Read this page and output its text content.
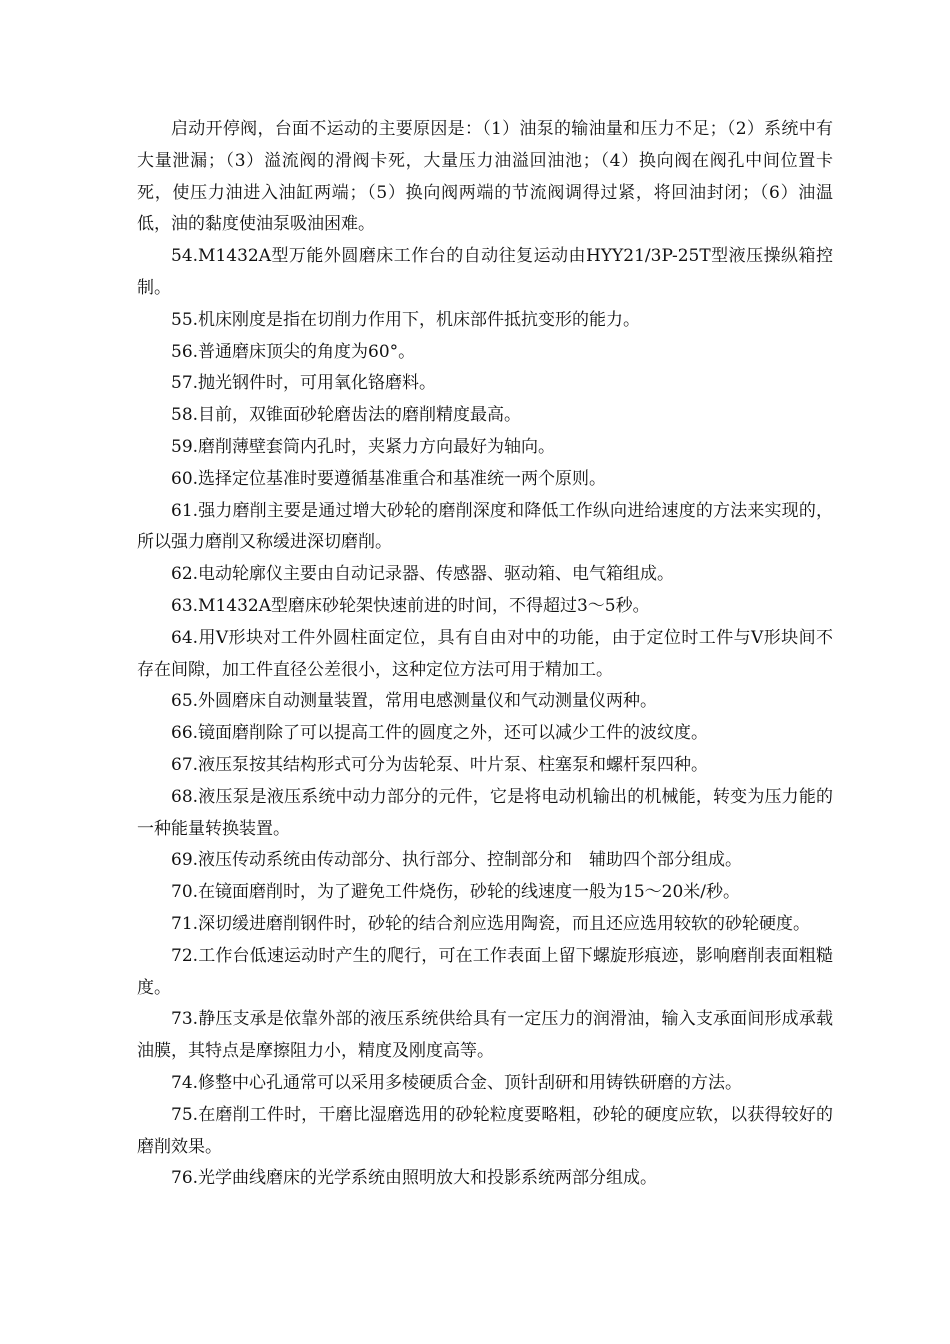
启动开停阀，台面不运动的主要原因是：（1）油泵的输油量和压力不足；（2）系统中有大量泄漏；（3）溢流阀的滑阀卡死，大量压力油溢回油池；（4）换向阀在阀孔中间位置卡死，使压力油进入油缸两端；（5）换向阀两端的节流阀调得过紧，将回油封闭；（6）油温低，油的黏度使油泵吸油困难。

54.M1432A型万能外圆磨床工作台的自动往复运动由HYY21/3P-25T型液压操纵箱控制。

55.机床刚度是指在切削力作用下，机床部件抵抗变形的能力。

56.普通磨床顶尖的角度为60°。

57.抛光钢件时，可用氧化铬磨料。

58.目前，双锥面砂轮磨齿法的磨削精度最高。

59.磨削薄壁套筒内孔时，夹紧力方向最好为轴向。

60.选择定位基准时要遵循基准重合和基准统一两个原则。

61.强力磨削主要是通过增大砂轮的磨削深度和降低工作纵向进给速度的方法来实现的，所以强力磨削又称缓进深切磨削。

62.电动轮廓仪主要由自动记录器、传感器、驱动箱、电气箱组成。

63.M1432A型磨床砂轮架快速前进的时间，不得超过3～5秒。

64.用V形块对工件外圆柱面定位，具有自由对中的功能，由于定位时工件与V形块间不存在间隙，加工件直径公差很小，这种定位方法可用于精加工。

65.外圆磨床自动测量装置，常用电感测量仪和气动测量仪两种。

66.镜面磨削除了可以提高工件的圆度之外，还可以减少工件的波纹度。

67.液压泵按其结构形式可分为齿轮泵、叶片泵、柱塞泵和螺杆泵四种。

68.液压泵是液压系统中动力部分的元件，它是将电动机输出的机械能，转变为压力能的一种能量转换装置。

69.液压传动系统由传动部分、执行部分、控制部分和　辅助四个部分组成。

70.在镜面磨削时，为了避免工件烧伤，砂轮的线速度一般为15～20米/秒。

71.深切缓进磨削钢件时，砂轮的结合剂应选用陶瓷，而且还应选用较软的砂轮硬度。

72.工作台低速运动时产生的爬行，可在工作表面上留下螺旋形痕迹，影响磨削表面粗糙度。

73.静压支承是依靠外部的液压系统供给具有一定压力的润滑油，输入支承面间形成承载油膜，其特点是摩擦阻力小，精度及刚度高等。

74.修整中心孔通常可以采用多棱硬质合金、顶针刮研和用铸铁研磨的方法。

75.在磨削工件时，干磨比湿磨选用的砂轮粒度要略粗，砂轮的硬度应软，以获得较好的磨削效果。

76.光学曲线磨床的光学系统由照明放大和投影系统两部分组成。
